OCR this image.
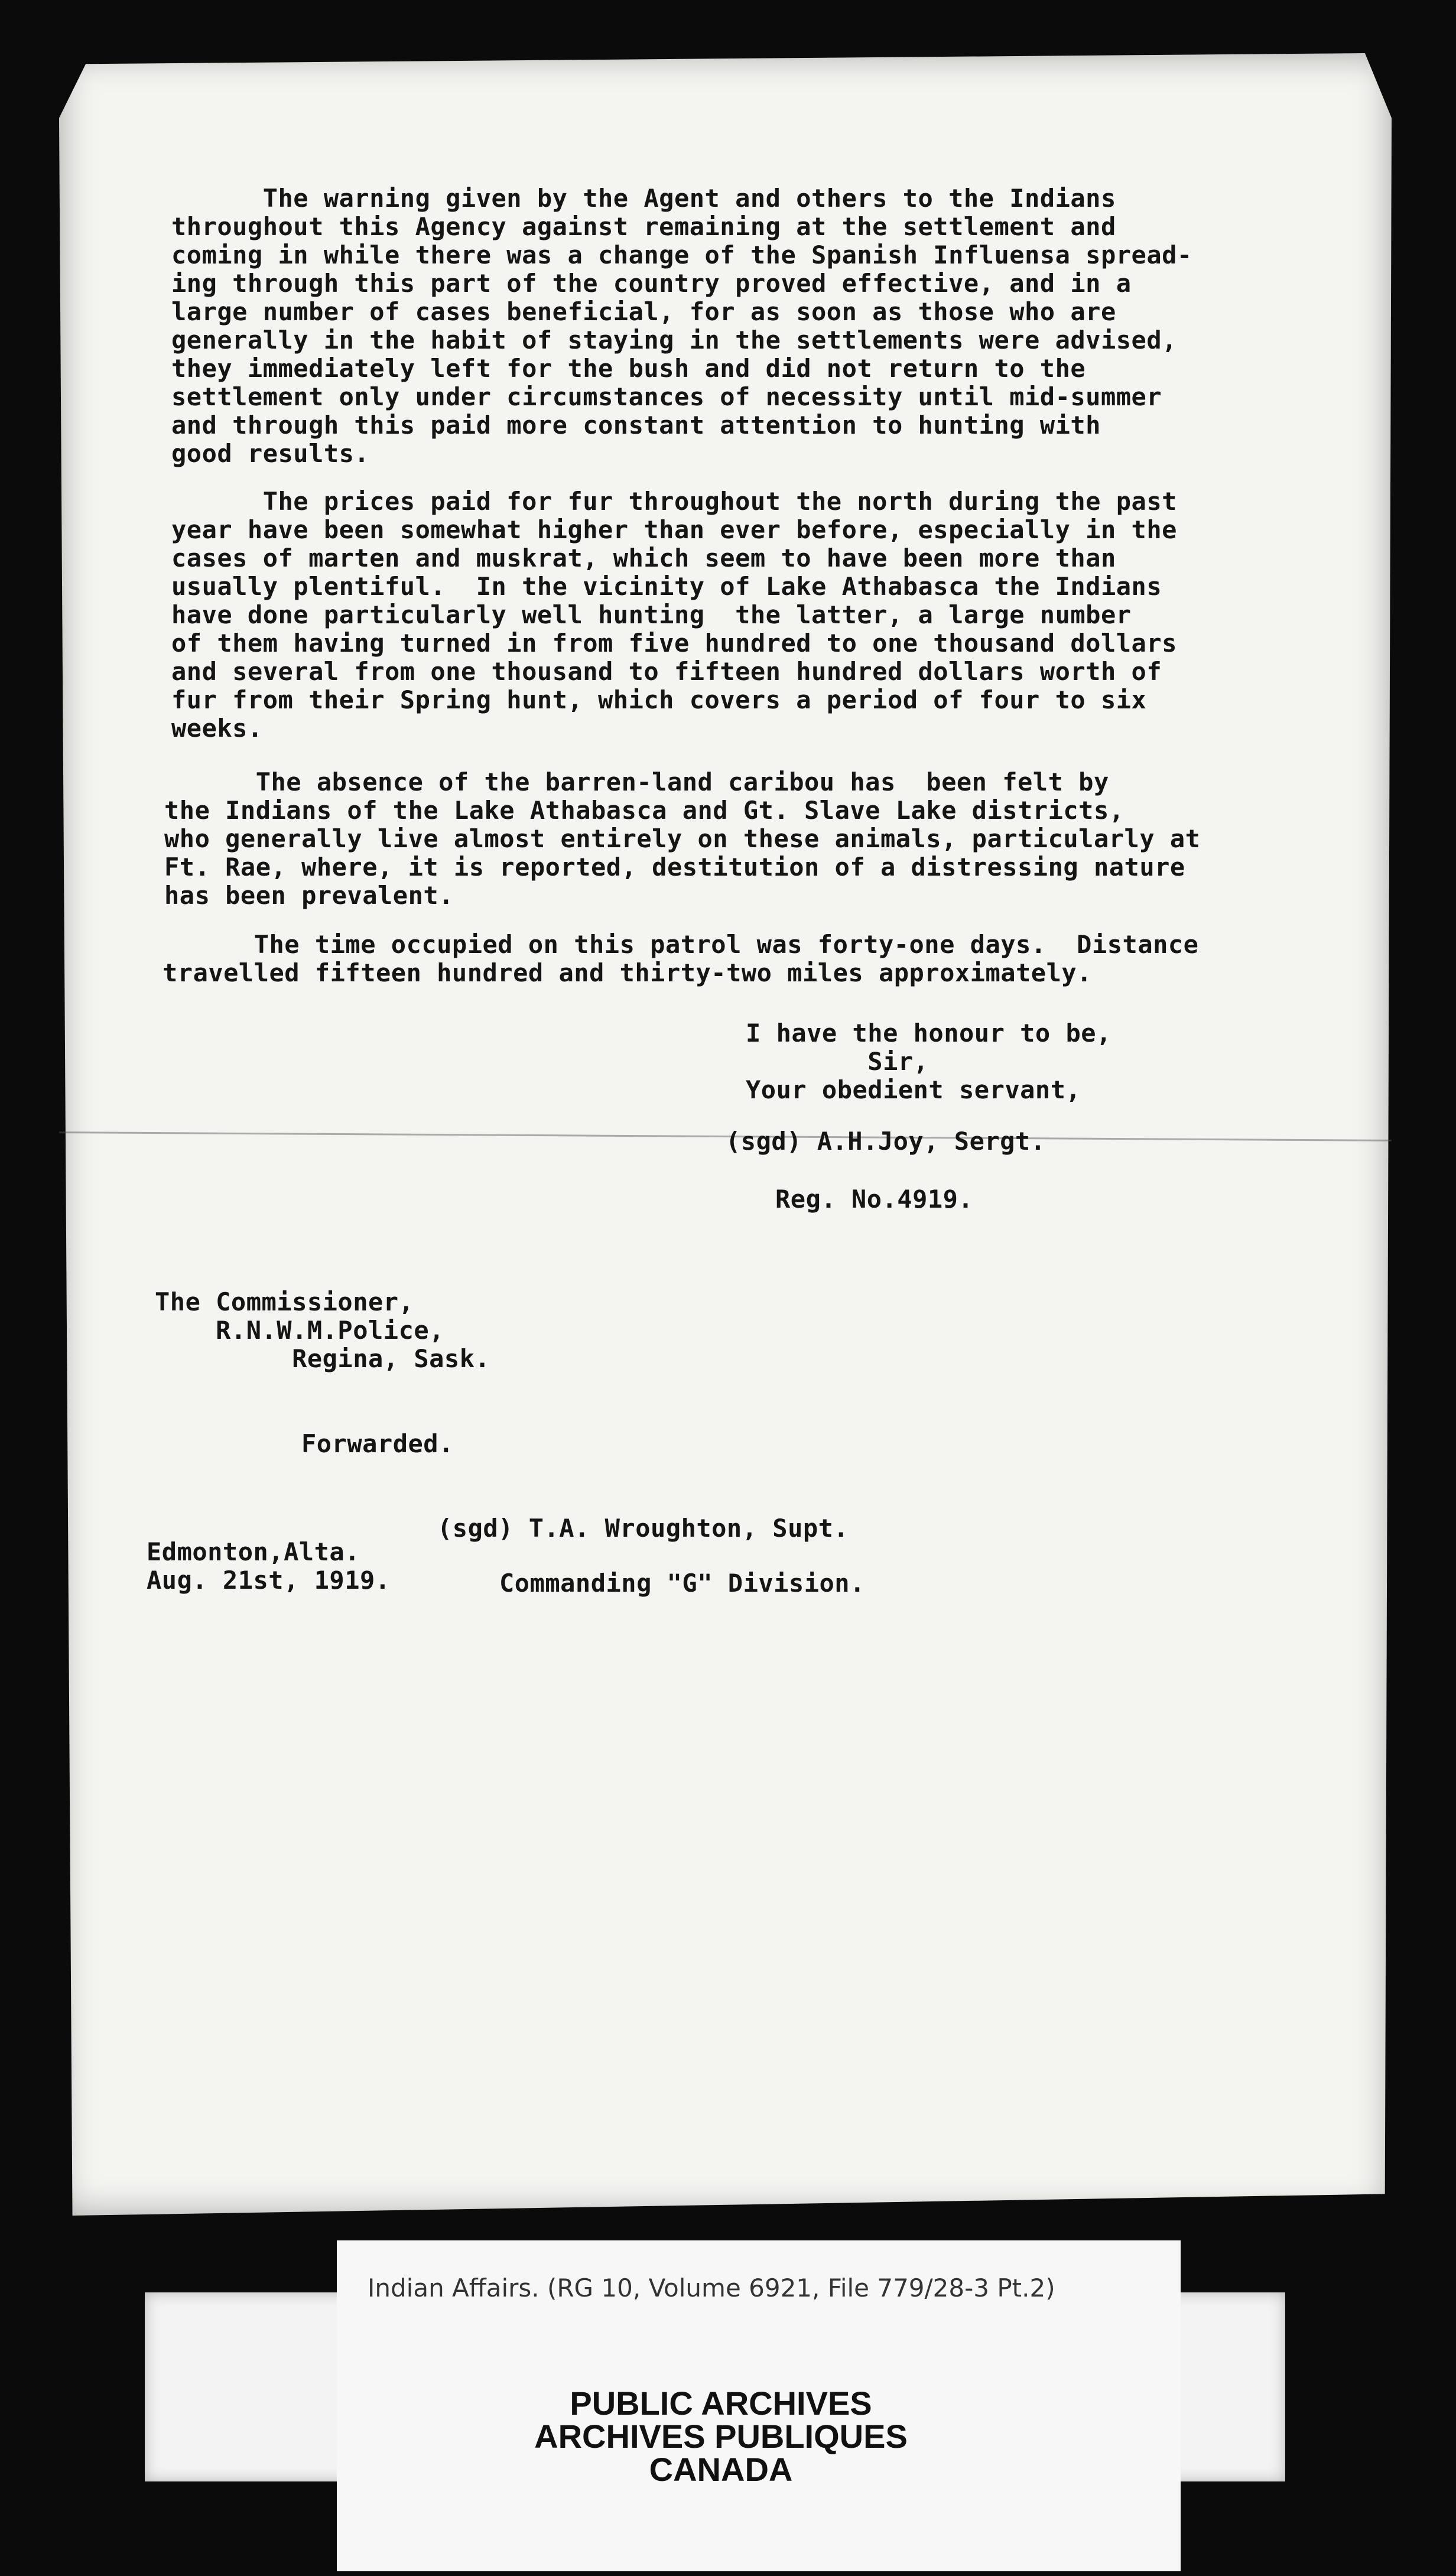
The warning given by the Agent and others to the Indians
throughout this Agency against remaining at the settlement and
coming in while there was a change of the Spanish Influensa spread-
ing through this part of the country proved effective, and in a
large number of cases beneficial, for as soon as those who are
generally in the habit of staying in the settlements were advised,
they immediately left for the bush and did not return to the
settlement only under circumstances of necessity until mid-summer
and through this paid more constant attention to hunting with
good results.
The prices paid for fur throughout the north during the past
year have been somewhat higher than ever before, especially in the
cases of marten and muskrat, which seem to have been more than
usually plentiful.  In the vicinity of Lake Athabasca the Indians
have done particularly well hunting  the latter, a large number
of them having turned in from five hundred to one thousand dollars
and several from one thousand to fifteen hundred dollars worth of
fur from their Spring hunt, which covers a period of four to six
weeks.
The absence of the barren-land caribou has  been felt by
the Indians of the Lake Athabasca and Gt. Slave Lake districts,
who generally live almost entirely on these animals, particularly at
Ft. Rae, where, it is reported, destitution of a distressing nature
has been prevalent.
The time occupied on this patrol was forty-one days.  Distance
travelled fifteen hundred and thirty-two miles approximately.
I have the honour to be,
Sir,
Your obedient servant,
(sgd) A.H.Joy, Sergt.
Reg. No.4919.
The Commissioner,
R.N.W.M.Police,
Regina, Sask.
Forwarded.
(sgd) T.A. Wroughton, Supt.
Edmonton,Alta.
Aug. 21st, 1919.	Commanding "G" Division.
Indian Affairs. (RG 10, Volume 6921, File 779/28-3 Pt.2)
PUBLIC ARCHIVES
ARCHIVES PUBLIQUES
CANADA
